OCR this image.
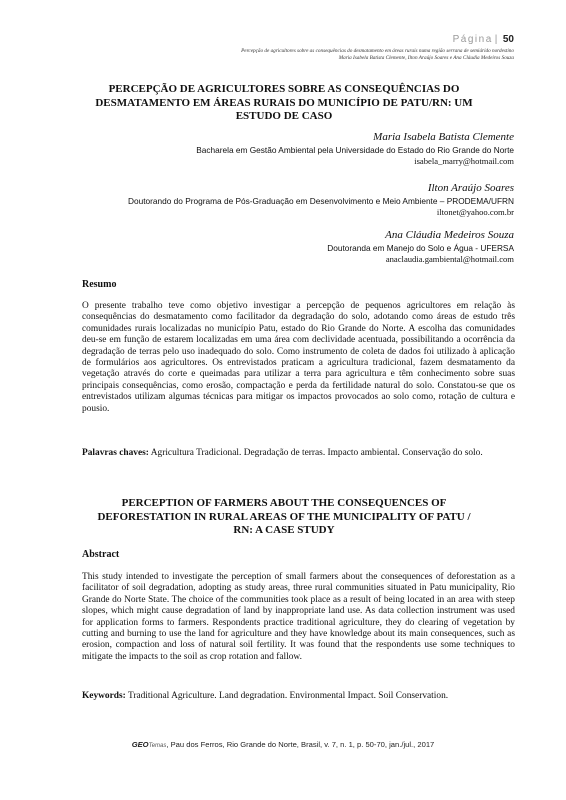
Página | 50
Percepção de agricultores sobre as consequências do desmatamento em áreas rurais numa região serrana de semiárido nordestino
Maria Isabela Batista Clemente, Ilton Araújo Soares e Ana Cláudia Medeiros Souza
PERCEPÇÃO DE AGRICULTORES SOBRE AS CONSEQUÊNCIAS DO DESMATAMENTO EM ÁREAS RURAIS DO MUNICÍPIO DE PATU/RN: UM ESTUDO DE CASO
Maria Isabela Batista Clemente
Bacharela em Gestão Ambiental pela Universidade do Estado do Rio Grande do Norte
isabela_marry@hotmail.com
Ilton Araújo Soares
Doutorando do Programa de Pós-Graduação em Desenvolvimento e Meio Ambiente – PRODEMA/UFRN
iltonet@yahoo.com.br
Ana Cláudia Medeiros Souza
Doutoranda em Manejo do Solo e Água - UFERSA
anaclaudia.gambiental@hotmail.com
Resumo

O presente trabalho teve como objetivo investigar a percepção de pequenos agricultores em relação às consequências do desmatamento como facilitador da degradação do solo, adotando como áreas de estudo três comunidades rurais localizadas no município Patu, estado do Rio Grande do Norte. A escolha das comunidades deu-se em função de estarem localizadas em uma área com declividade acentuada, possibilitando a ocorrência da degradação de terras pelo uso inadequado do solo. Como instrumento de coleta de dados foi utilizado à aplicação de formulários aos agricultores. Os entrevistados praticam a agricultura tradicional, fazem desmatamento da vegetação através do corte e queimadas para utilizar a terra para agricultura e têm conhecimento sobre suas principais consequências, como erosão, compactação e perda da fertilidade natural do solo. Constatou-se que os entrevistados utilizam algumas técnicas para mitigar os impactos provocados ao solo como, rotação de cultura e pousio.

Palavras chaves: Agricultura Tradicional. Degradação de terras. Impacto ambiental. Conservação do solo.

PERCEPTION OF FARMERS ABOUT THE CONSEQUENCES OF DEFORESTATION IN RURAL AREAS OF THE MUNICIPALITY OF PATU / RN: A CASE STUDY
Abstract

This study intended to investigate the perception of small farmers about the consequences of deforestation as a facilitator of soil degradation, adopting as study areas, three rural communities situated in Patu municipality, Rio Grande do Norte State. The choice of the communities took place as a result of being located in an area with steep slopes, which might cause degradation of land by inappropriate land use. As data collection instrument was used for application forms to farmers. Respondents practice traditional agriculture, they do clearing of vegetation by cutting and burning to use the land for agriculture and they have knowledge about its main consequences, such as erosion, compaction and loss of natural soil fertility. It was found that the respondents use some techniques to mitigate the impacts to the soil as crop rotation and fallow.

Keywords: Traditional Agriculture. Land degradation. Environmental Impact. Soil Conservation.

GEOTemas, Pau dos Ferros, Rio Grande do Norte, Brasil, v. 7, n. 1, p. 50-70, jan./jul., 2017
